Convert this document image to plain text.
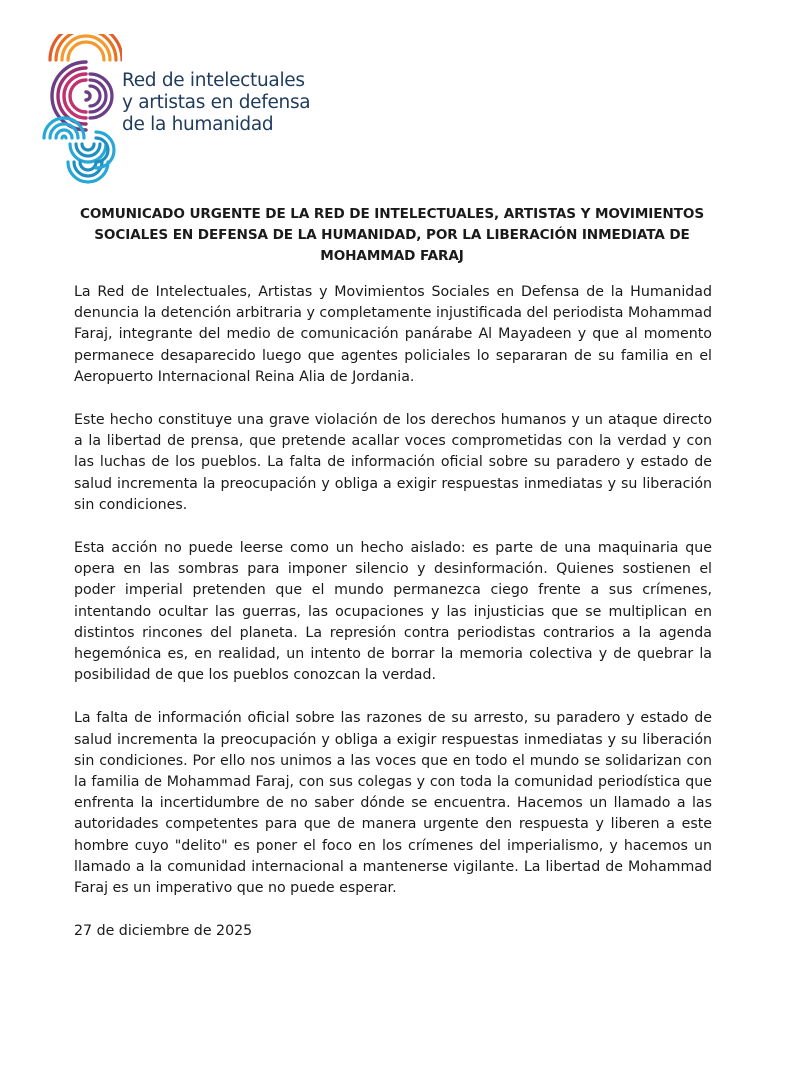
Red de intelectuales
y artistas en defensa
de la humanidad
COMUNICADO URGENTE DE LA RED DE INTELECTUALES, ARTISTAS Y MOVIMIENTOS SOCIALES EN DEFENSA DE LA HUMANIDAD, POR LA LIBERACIÓN INMEDIATA DE MOHAMMAD FARAJ

La Red de Intelectuales, Artistas y Movimientos Sociales en Defensa de la Humanidad denuncia la detención arbitraria y completamente injustificada del periodista Mohammad Faraj, integrante del medio de comunicación panárabe Al Mayadeen y que al momento permanece desaparecido luego que agentes policiales lo separaran de su familia en el Aeropuerto Internacional Reina Alia de Jordania.

Este hecho constituye una grave violación de los derechos humanos y un ataque directo a la libertad de prensa, que pretende acallar voces comprometidas con la verdad y con las luchas de los pueblos. La falta de información oficial sobre su paradero y estado de salud incrementa la preocupación y obliga a exigir respuestas inmediatas y su liberación sin condiciones.

Esta acción no puede leerse como un hecho aislado: es parte de una maquinaria que opera en las sombras para imponer silencio y desinformación. Quienes sostienen el poder imperial pretenden que el mundo permanezca ciego frente a sus crímenes, intentando ocultar las guerras, las ocupaciones y las injusticias que se multiplican en distintos rincones del planeta. La represión contra periodistas contrarios a la agenda hegemónica es, en realidad, un intento de borrar la memoria colectiva y de quebrar la posibilidad de que los pueblos conozcan la verdad.

La falta de información oficial sobre las razones de su arresto, su paradero y estado de salud incrementa la preocupación y obliga a exigir respuestas inmediatas y su liberación sin condiciones. Por ello nos unimos a las voces que en todo el mundo se solidarizan con la familia de Mohammad Faraj, con sus colegas y con toda la comunidad periodística que enfrenta la incertidumbre de no saber dónde se encuentra. Hacemos un llamado a las autoridades competentes para que de manera urgente den respuesta y liberen a este hombre cuyo "delito" es poner el foco en los crímenes del imperialismo, y hacemos un llamado a la comunidad internacional a mantenerse vigilante. La libertad de Mohammad Faraj es un imperativo que no puede esperar.

27 de diciembre de 2025
